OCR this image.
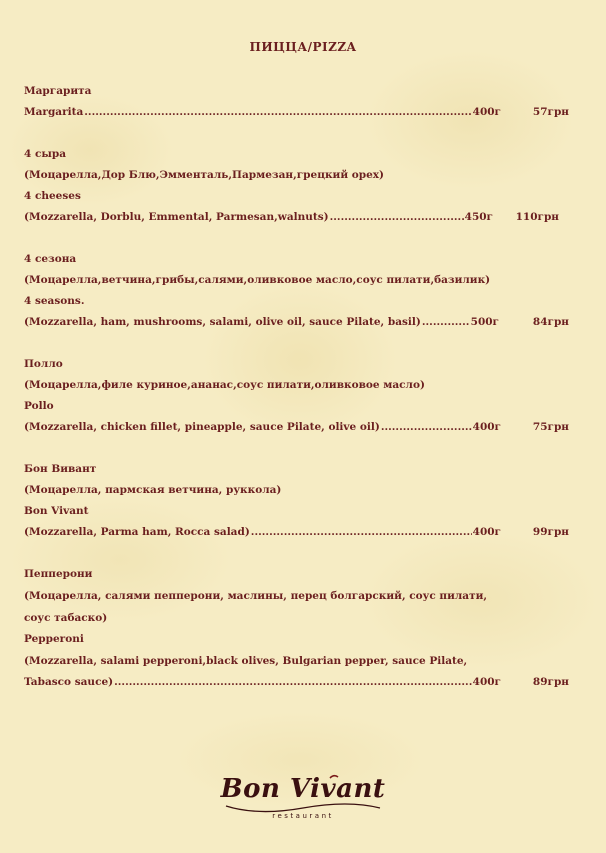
ПИЦЦА/PIZZA
Маргарита
Margarita .....	400г	57грн
4 сыра
(Моцарелла,Дор Блю,Эмменталь,Пармезан,грецкий орех)
4 cheeses
(Mozzarella, Dorblu, Emmental, Parmesan,walnuts) .....	450г	110грн
4 сезона
(Моцарелла,ветчина,грибы,салями,оливковое масло,соус пилати,базилик)
4 seasons.
(Mozzarella, ham, mushrooms, salami, olive oil, sauce Pilate, basil) .....	500г	84грн
Полло
(Моцарелла,филе куриное,ананас,соус пилати,оливковое масло)
Pollo
(Mozzarella, chicken fillet, pineapple, sauce Pilate, olive oil) .....	400г	75грн
Бон Вивант
(Моцарелла, пармская ветчина, руккола)
Bon Vivant
(Mozzarella, Parma ham, Rocca salad) .....	400г	99грн
Пепперони
(Моцарелла, салями пепперони, маслины, перец болгарский, соус пилати,
соус табаско)
Pepperoni
(Mozzarella, salami pepperoni,black olives, Bulgarian pepper, sauce Pilate,
Tabasco sauce) .....	400г	89грн
Bon Vivant
restaurant
